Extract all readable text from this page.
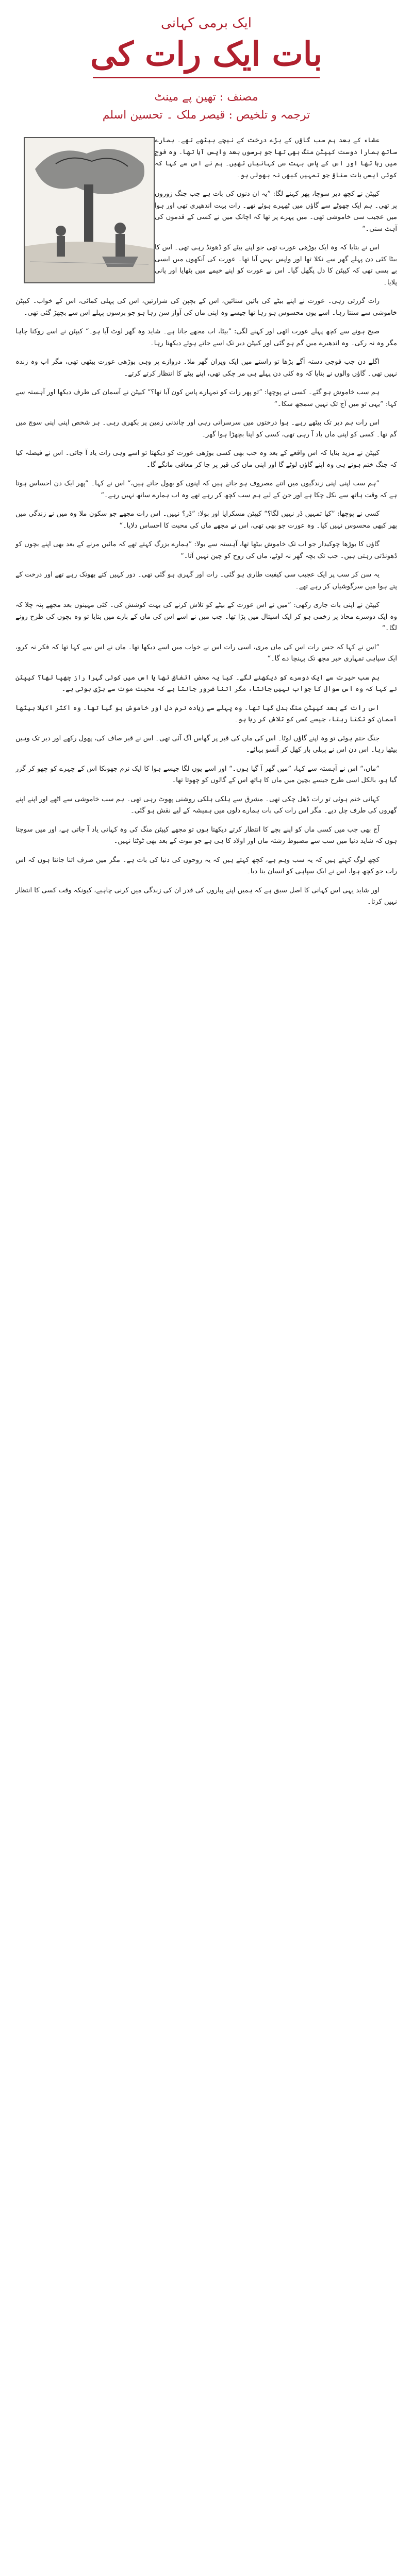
ایک برمی کہانی
بات ایک رات کی
مصنف : تھین پے مینٹ
ترجمہ و تلخیص : قیصر ملک ۔ تحسین اسلم

عشاء کے بعد ہم سب گاؤں کے بڑے درخت کے نیچے بیٹھے تھے۔ ہمارے ساتھ ہمارا دوست کیپٹن منگ بھی تھا جو برسوں بعد واپس آیا تھا۔ وہ فوج میں رہا تھا اور اس کے پاس بہت سی کہانیاں تھیں۔ ہم نے اس سے کہا کہ کوئی ایسی بات سناؤ جو تمہیں کبھی نہ بھولی ہو۔

کیپٹن نے کچھ دیر سوچا، پھر کہنے لگا: ”یہ ان دنوں کی بات ہے جب جنگ زوروں پر تھی۔ ہم ایک چھوٹے سے گاؤں میں ٹھہرے ہوئے تھے۔ رات بہت اندھیری تھی اور ہوا میں عجیب سی خاموشی تھی۔ میں پہرے پر تھا کہ اچانک میں نے کسی کے قدموں کی آہٹ سنی۔“

اس نے بتایا کہ وہ ایک بوڑھی عورت تھی جو اپنے بیٹے کو ڈھونڈ رہی تھی۔ اس کا بیٹا کئی دن پہلے گھر سے نکلا تھا اور واپس نہیں آیا تھا۔ عورت کی آنکھوں میں ایسی بے بسی تھی کہ کیپٹن کا دل پگھل گیا۔ اس نے عورت کو اپنے خیمے میں بٹھایا اور پانی پلایا۔

رات گزرتی رہی۔ عورت نے اپنے بیٹے کی باتیں سنائیں، اس کے بچپن کی شرارتیں، اس کی پہلی کمائی، اس کے خواب۔ کیپٹن خاموشی سے سنتا رہا۔ اسے یوں محسوس ہو رہا تھا جیسے وہ اپنی ماں کی آواز سن رہا ہو جو برسوں پہلے اس سے بچھڑ گئی تھی۔

صبح ہونے سے کچھ پہلے عورت اٹھی اور کہنے لگی: ”بیٹا، اب مجھے جانا ہے۔ شاید وہ گھر لوٹ آیا ہو۔“ کیپٹن نے اسے روکنا چاہا مگر وہ نہ رکی۔ وہ اندھیرے میں گم ہو گئی اور کیپٹن دیر تک اسے جاتے ہوئے دیکھتا رہا۔

اگلے دن جب فوجی دستہ آگے بڑھا تو راستے میں ایک ویران گھر ملا۔ دروازے پر وہی بوڑھی عورت بیٹھی تھی، مگر اب وہ زندہ نہیں تھی۔ گاؤں والوں نے بتایا کہ وہ کئی دن پہلے ہی مر چکی تھی، اپنے بیٹے کا انتظار کرتے کرتے۔

ہم سب خاموش ہو گئے۔ کسی نے پوچھا: ”تو پھر رات کو تمہارے پاس کون آیا تھا؟“ کیپٹن نے آسمان کی طرف دیکھا اور آہستہ سے کہا: ”یہی تو میں آج تک نہیں سمجھ سکا۔“

اس رات ہم دیر تک بیٹھے رہے۔ ہوا درختوں میں سرسراتی رہی اور چاندنی زمین پر بکھری رہی۔ ہر شخص اپنی اپنی سوچ میں گم تھا۔ کسی کو اپنی ماں یاد آ رہی تھی، کسی کو اپنا بچھڑا ہوا گھر۔

کیپٹن نے مزید بتایا کہ اس واقعے کے بعد وہ جب بھی کسی بوڑھی عورت کو دیکھتا تو اسے وہی رات یاد آ جاتی۔ اس نے فیصلہ کیا کہ جنگ ختم ہوتے ہی وہ اپنے گاؤں لوٹے گا اور اپنی ماں کی قبر پر جا کر معافی مانگے گا۔

”ہم سب اپنی اپنی زندگیوں میں اتنے مصروف ہو جاتے ہیں کہ اپنوں کو بھول جاتے ہیں،“ اس نے کہا۔ ”پھر ایک دن احساس ہوتا ہے کہ وقت ہاتھ سے نکل چکا ہے اور جن کے لیے ہم سب کچھ کر رہے تھے وہ اب ہمارے ساتھ نہیں رہے۔“

کسی نے پوچھا: ”کیا تمہیں ڈر نہیں لگا؟“ کیپٹن مسکرایا اور بولا: ”ڈر؟ نہیں۔ اس رات مجھے جو سکون ملا وہ میں نے زندگی میں پھر کبھی محسوس نہیں کیا۔ وہ عورت جو بھی تھی، اس نے مجھے ماں کی محبت کا احساس دلایا۔“

گاؤں کا بوڑھا چوکیدار جو اب تک خاموش بیٹھا تھا، آہستہ سے بولا: ”ہمارے بزرگ کہتے تھے کہ مائیں مرنے کے بعد بھی اپنے بچوں کو ڈھونڈتی رہتی ہیں۔ جب تک بچہ گھر نہ لوٹے، ماں کی روح کو چین نہیں آتا۔“

یہ سن کر سب پر ایک عجیب سی کیفیت طاری ہو گئی۔ رات اور گہری ہو گئی تھی۔ دور کہیں کتے بھونک رہے تھے اور درخت کے پتے ہوا میں سرگوشیاں کر رہے تھے۔

کیپٹن نے اپنی بات جاری رکھی: ”میں نے اس عورت کے بیٹے کو تلاش کرنے کی بہت کوشش کی۔ کئی مہینوں بعد مجھے پتہ چلا کہ وہ ایک دوسرے محاذ پر زخمی ہو کر ایک اسپتال میں پڑا تھا۔ جب میں نے اسے اس کی ماں کے بارے میں بتایا تو وہ بچوں کی طرح رونے لگا۔“

”اس نے کہا کہ جس رات اس کی ماں مری، اسی رات اس نے خواب میں اسے دیکھا تھا۔ ماں نے اس سے کہا تھا کہ فکر نہ کرو، ایک سپاہی تمہاری خبر مجھ تک پہنچا دے گا۔“

ہم سب حیرت سے ایک دوسرے کو دیکھنے لگے۔ کیا یہ محض اتفاق تھا یا اس میں کوئی گہرا راز چھپا تھا؟ کیپٹن نے کہا کہ وہ اس سوال کا جواب نہیں جانتا، مگر اتنا ضرور جانتا ہے کہ محبت موت سے بڑی ہوتی ہے۔

اس رات کے بعد کیپٹن منگ بدل گیا تھا۔ وہ پہلے سے زیادہ نرم دل اور خاموش ہو گیا تھا۔ وہ اکثر اکیلا بیٹھا آسمان کو تکتا رہتا، جیسے کسی کو تلاش کر رہا ہو۔

جنگ ختم ہوئی تو وہ اپنے گاؤں لوٹا۔ اس کی ماں کی قبر پر گھاس اگ آئی تھی۔ اس نے قبر صاف کی، پھول رکھے اور دیر تک وہیں بیٹھا رہا۔ اس دن اس نے پہلی بار کھل کر آنسو بہائے۔

”ماں،“ اس نے آہستہ سے کہا، ”میں گھر آ گیا ہوں۔“ اور اسے یوں لگا جیسے ہوا کا ایک نرم جھونکا اس کے چہرے کو چھو کر گزر گیا ہو، بالکل اسی طرح جیسے بچپن میں ماں کا ہاتھ اس کے گالوں کو چھوتا تھا۔

کہانی ختم ہوئی تو رات ڈھل چکی تھی۔ مشرق سے ہلکی ہلکی روشنی پھوٹ رہی تھی۔ ہم سب خاموشی سے اٹھے اور اپنے اپنے گھروں کی طرف چل دیے۔ مگر اس رات کی بات ہمارے دلوں میں ہمیشہ کے لیے نقش ہو گئی۔

آج بھی جب میں کسی ماں کو اپنے بچے کا انتظار کرتے دیکھتا ہوں تو مجھے کیپٹن منگ کی وہ کہانی یاد آ جاتی ہے، اور میں سوچتا ہوں کہ شاید دنیا میں سب سے مضبوط رشتہ ماں اور اولاد کا ہی ہے جو موت کے بعد بھی ٹوٹتا نہیں۔

کچھ لوگ کہتے ہیں کہ یہ سب وہم ہے، کچھ کہتے ہیں کہ یہ روحوں کی دنیا کی بات ہے۔ مگر میں صرف اتنا جانتا ہوں کہ اس رات جو کچھ ہوا، اس نے ایک سپاہی کو انسان بنا دیا۔

اور شاید یہی اس کہانی کا اصل سبق ہے کہ ہمیں اپنے پیاروں کی قدر ان کی زندگی میں کرنی چاہیے، کیونکہ وقت کسی کا انتظار نہیں کرتا۔
